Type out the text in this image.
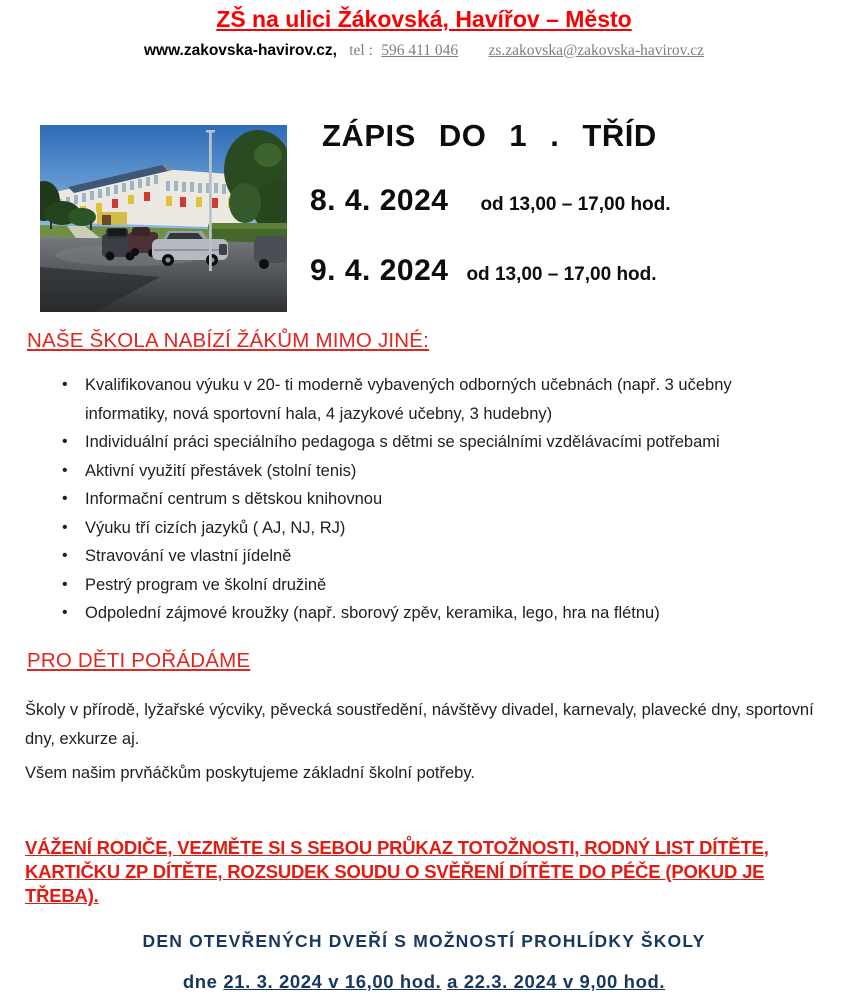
ZŠ na ulici Žákovská, Havířov – Město
www.zakovska-havirov.cz, tel : 596 411 046 zs.zakovska@zakovska-havirov.cz
ZÁPIS DO 1 . TŘÍD
8. 4. 2024 od 13,00 – 17,00 hod.
9. 4. 2024 od 13,00 – 17,00 hod.
NAŠE ŠKOLA NABÍZÍ ŽÁKŮM MIMO JINÉ:
• Kvalifikovanou výuku v 20- ti moderně vybavených odborných učebnách (např. 3 učebny informatiky, nová sportovní hala, 4 jazykové učebny, 3 hudebny)
• Individuální práci speciálního pedagoga s dětmi se speciálními vzdělávacími potřebami
• Aktivní využití přestávek (stolní tenis)
• Informační centrum s dětskou knihovnou
• Výuku tří cizích jazyků ( AJ, NJ, RJ)
• Stravování ve vlastní jídelně
• Pestrý program ve školní družině
• Odpolední zájmové kroužky (např. sborový zpěv, keramika, lego, hra na flétnu)
PRO DĚTI POŘÁDÁME
Školy v přírodě, lyžařské výcviky, pěvecká soustředění, návštěvy divadel, karnevaly, plavecké dny, sportovní dny, exkurze aj.
Všem našim prvňáčkům poskytujeme základní školní potřeby.
VÁŽENÍ RODIČE, VEZMĚTE SI S SEBOU PRŮKAZ TOTOŽNOSTI, RODNÝ LIST DÍTĚTE, KARTIČKU ZP DÍTĚTE, ROZSUDEK SOUDU O SVĚŘENÍ DÍTĚTE DO PÉČE (POKUD JE TŘEBA).
DEN OTEVŘENÝCH DVEŘÍ S MOŽNOSTÍ PROHLÍDKY ŠKOLY
dne 21. 3. 2024 v 16,00 hod. a 22.3. 2024 v 9,00 hod.
